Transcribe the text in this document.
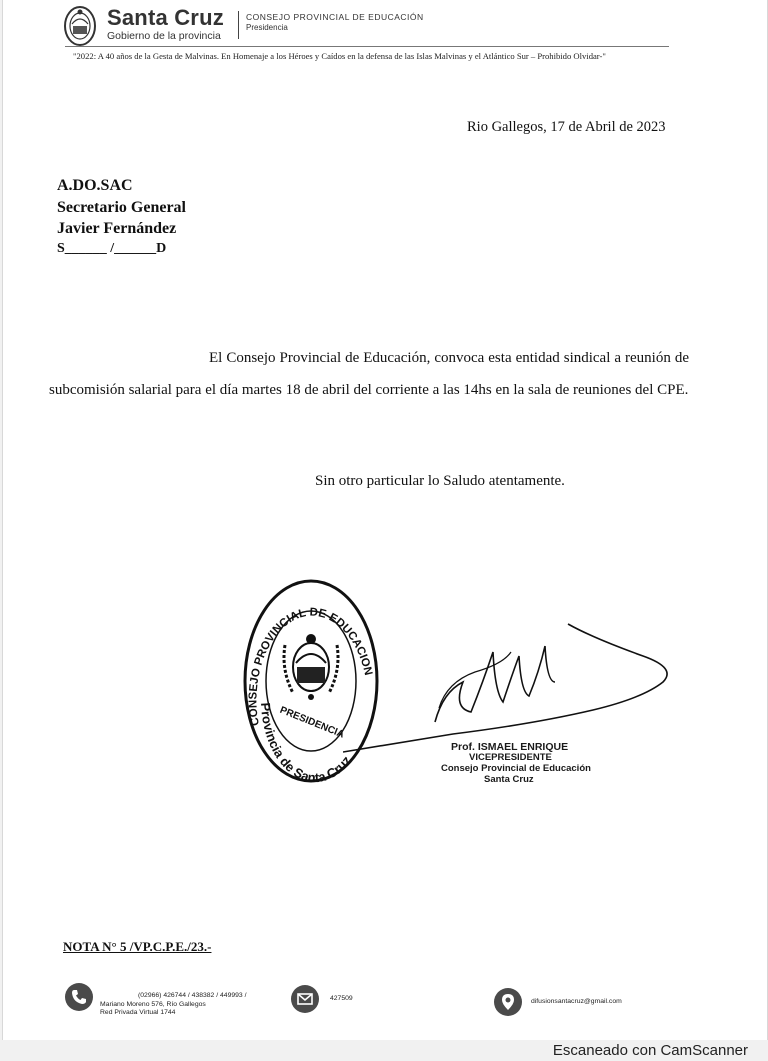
Santa Cruz
Gobierno de la provincia
CONSEJO PROVINCIAL DE EDUCACIÓN
Presidencia
"2022: A 40 años de la Gesta de Malvinas. En Homenaje a los Héroes y Caídos en la defensa de las Islas Malvinas y el Atlántico Sur – Prohibido Olvidar-"
Rio Gallegos, 17 de Abril de 2023
A.DO.SAC
Secretario General
Javier Fernández
S______ /______D
El Consejo Provincial de Educación, convoca esta entidad sindical a reunión de subcomisión salarial para el día martes 18 de abril del corriente a las 14hs en la sala de reuniones del CPE.
Sin otro particular lo Saludo atentamente.
CONSEJO PROVINCIAL DE EDUCACION
Provincia de Santa Cruz
PRESIDENCIA
Prof. ISMAEL ENRIQUE
VICEPRESIDENTE
Consejo Provincial de Educación
Santa Cruz
NOTA N° 5 /VP.C.P.E./23.-
(02966) 426744 / 438382 / 449993 /
Mariano Moreno 576, Río Gallegos
Red Privada Virtual 1744
427509	difusionsantacruz@gmail.com
Escaneado con CamScanner
